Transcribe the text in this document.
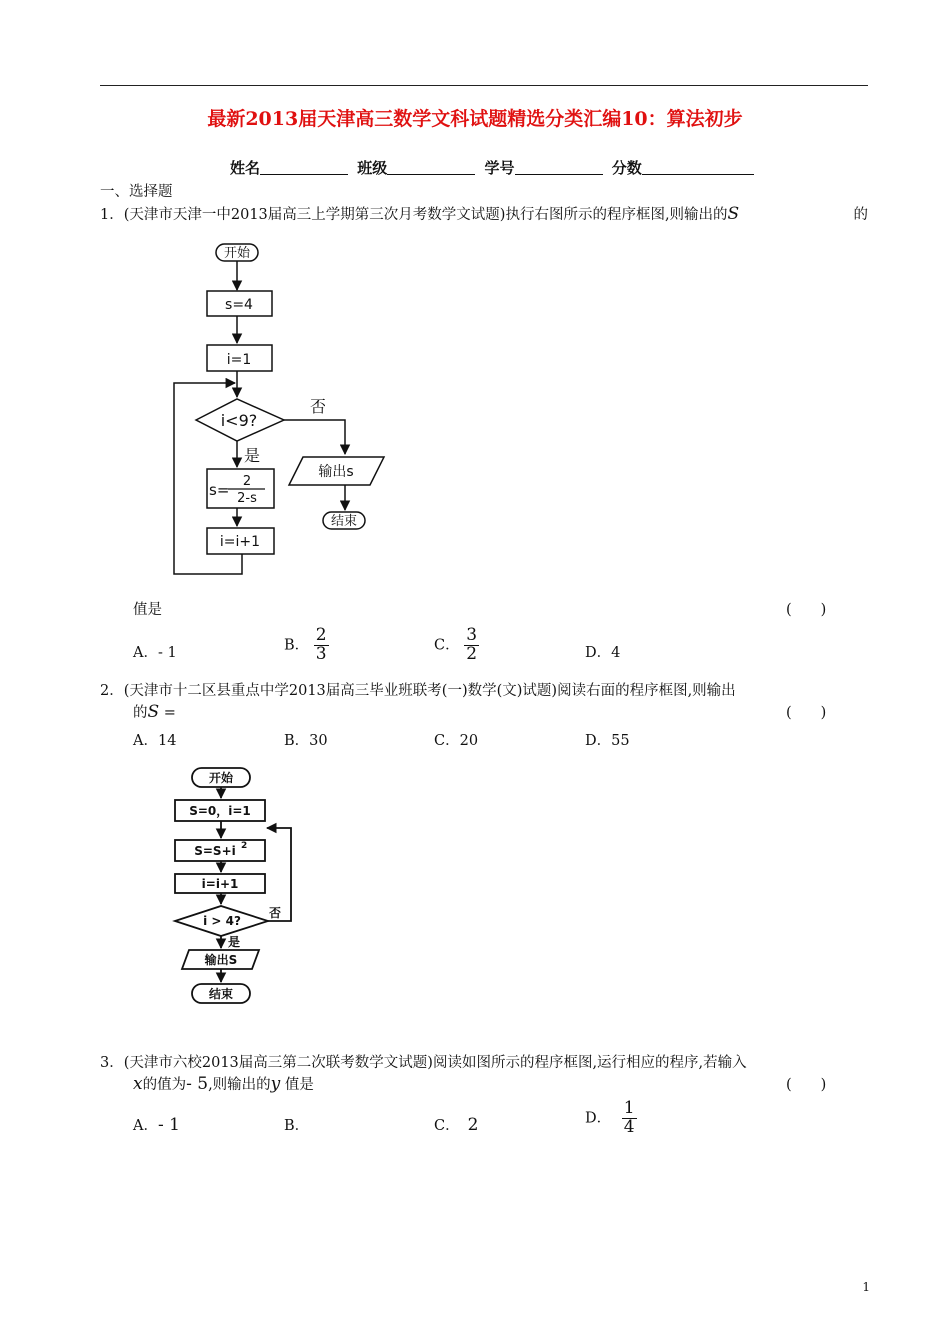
最新2013届天津高三数学文科试题精选分类汇编10：算法初步
姓名	班级	学号	分数
一、选择题
1．(天津市天津一中2013届高三上学期第三次月考数学文试题)执行右图所示的程序框图,则输出的S	的
开始
s=4
i=1
i<9?
否
是
s= 2
2-s
i=i+1
输出s
结束
值是	(　　)
A．- 1	B． $\frac{2}{3}$	C． $\frac{3}{2}$	D．4
2．(天津市十二区县重点中学2013届高三毕业班联考(一)数学(文)试题)阅读右面的程序框图,则输出
的S =	(　　)
A．14	B．30	C．20	D．55
开始
S=0，i=1
S=S+i 2
i=i+1
i > 4?
否
是
输出S
结束
3．(天津市六校2013届高三第二次联考数学文试题)阅读如图所示的程序框图,运行相应的程序,若输入
x的值为- 5,则输出的y 值是	(　　)
A．- 1	B．	C． 2	D． $\frac{1}{4}$
1
